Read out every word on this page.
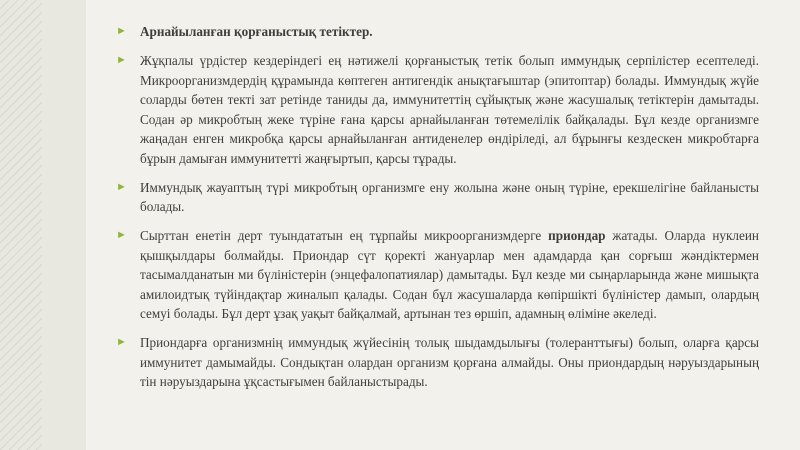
► Арнайыланған қорғаныстық тетіктер.
► Жұқпалы үрдістер кездеріндегі ең нәтижелі қорғаныстық тетік болып иммундық серпілістер есептеледі. Микроорганизмдердің құрамында көптеген антигендік анықтағыштар (эпитоптар) болады. Иммундық жүйе соларды бөтен текті зат ретінде таниды да, иммунитеттің сұйықтық және жасушалық тетіктерін дамытады. Содан әр микробтың жеке түріне ғана қарсы арнайыланған төтемелілік байқалады. Бұл кезде организмге жаңадан енген микробқа қарсы арнайыланған антиденелер өндіріледі, ал бұрынғы кездескен микробтарға бұрын дамыған иммунитетті жаңғыртып, қарсы тұрады.
► Иммундық жауаптың түрі микробтың организмге ену жолына және оның түріне, ерекшелігіне байланысты болады.
► Сырттан енетін дерт туындататын ең тұрпайы микроорганизмдерге приондар жатады. Оларда нуклеин қышқылдары болмайды. Приондар сүт қоректі жануарлар мен адамдарда қан сорғыш жәндіктермен тасымалданатын ми бүліністерін (энцефалопатиялар) дамытады. Бұл кезде ми сыңарларында және мишықта амилоидтық түйіндақтар жиналып қалады. Содан бұл жасушаларда көпіршікті бүліністер дамып, олардың семуі болады. Бұл дерт ұзақ уақыт байқалмай, артынан тез өршіп, адамның өліміне әкеледі.
► Приондарға организмнің иммундық жүйесінің толық шыдамдылығы (толеранттығы) болып, оларға қарсы иммунитет дамымайды. Сондықтан олардан организм қорғана алмайды. Оны приондардың нәруыздарының тін нәруыздарына ұқсастығымен байланыстырады.
